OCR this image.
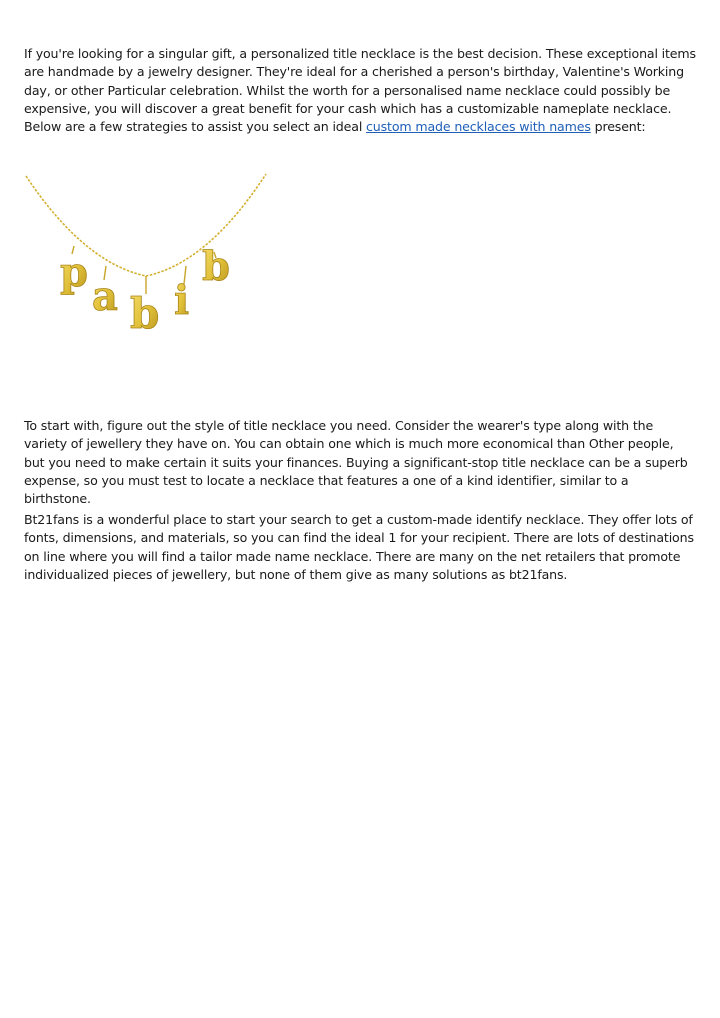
If you're looking for a singular gift, a personalized title necklace is the best decision. These exceptional items are handmade by a jewelry designer. They're ideal for a cherished a person's birthday, Valentine's Working day, or other Particular celebration. Whilst the worth for a personalised name necklace could possibly be expensive, you will discover a great benefit for your cash which has a customizable nameplate necklace. Below are a few strategies to assist you select an ideal custom made necklaces with names present:

p
a b i
b

To start with, figure out the style of title necklace you need. Consider the wearer's type along with the variety of jewellery they have on. You can obtain one which is much more economical than Other people, but you need to make certain it suits your finances. Buying a significant-stop title necklace can be a superb expense, so you must test to locate a necklace that features a one of a kind identifier, similar to a birthstone.

Bt21fans is a wonderful place to start your search to get a custom-made identify necklace. They offer lots of fonts, dimensions, and materials, so you can find the ideal 1 for your recipient. There are lots of destinations on line where you will find a tailor made name necklace. There are many on the net retailers that promote individualized pieces of jewellery, but none of them give as many solutions as bt21fans.
